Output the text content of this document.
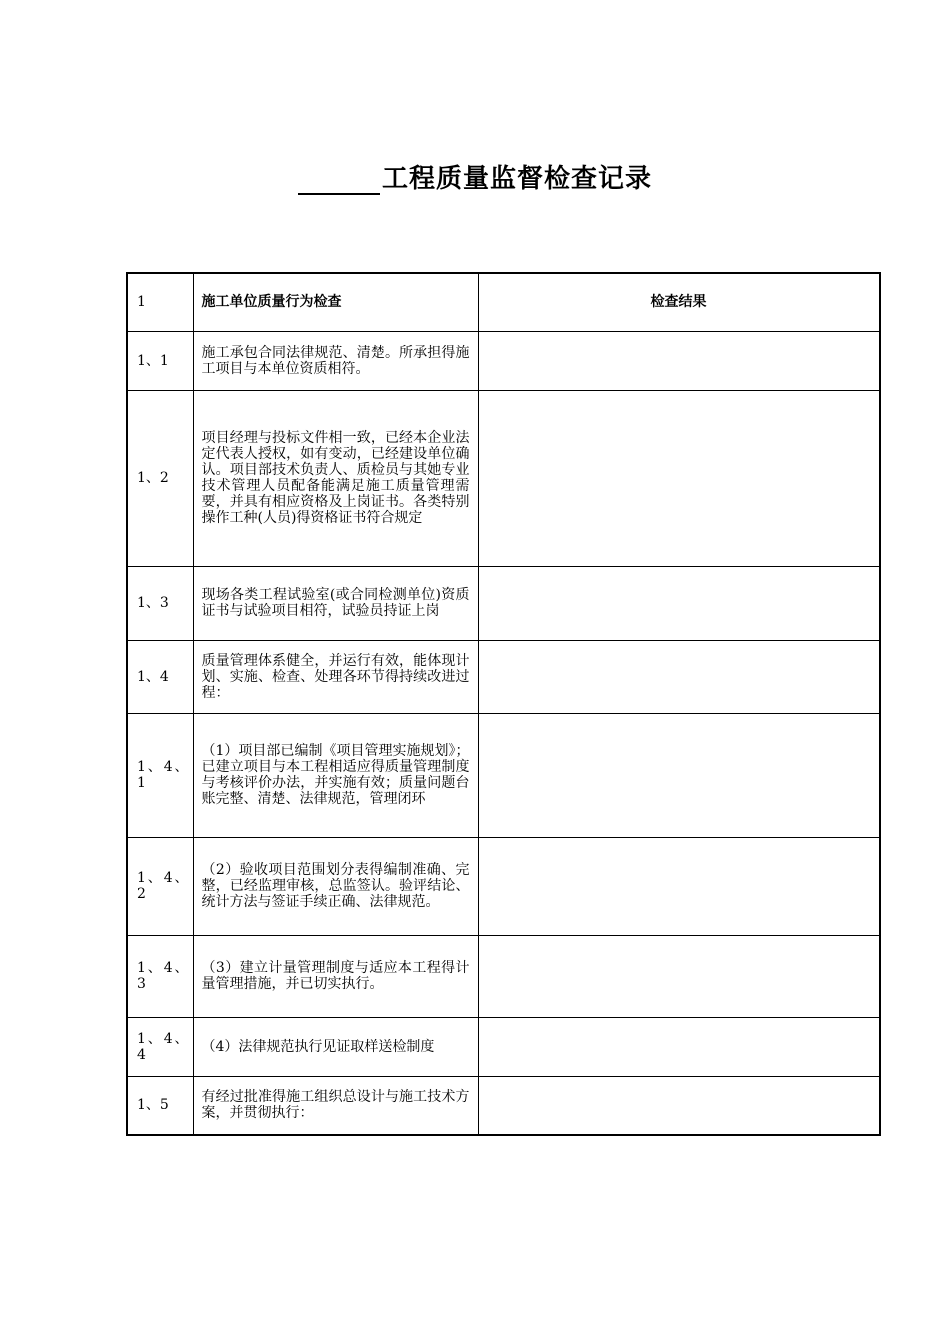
工程质量监督检查记录
1	施工单位质量行为检查	检查结果
1、1	施工承包合同法律规范、清楚。所承担得施工项目与本单位资质相符。	
1、2	项目经理与投标文件相一致，已经本企业法定代表人授权，如有变动，已经建设单位确认。项目部技术负责人、质检员与其她专业技术管理人员配备能满足施工质量管理需要，并具有相应资格及上岗证书。各类特别操作工种(人员)得资格证书符合规定	
1、3	现场各类工程试验室(或合同检测单位)资质证书与试验项目相符，试验员持证上岗	
1、4	质量管理体系健全，并运行有效，能体现计划、实施、检查、处理各环节得持续改进过程：	
1、4、1	（1）项目部已编制《项目管理实施规划》；已建立项目与本工程相适应得质量管理制度与考核评价办法，并实施有效；质量问题台账完整、清楚、法律规范，管理闭环	
1、4、2	（2）验收项目范围划分表得编制准确、完整，已经监理审核，总监签认。验评结论、统计方法与签证手续正确、法律规范。	
1、4、3	（3）建立计量管理制度与适应本工程得计量管理措施，并已切实执行。	
1、4、4	（4）法律规范执行见证取样送检制度	
1、5	有经过批准得施工组织总设计与施工技术方案，并贯彻执行：	
